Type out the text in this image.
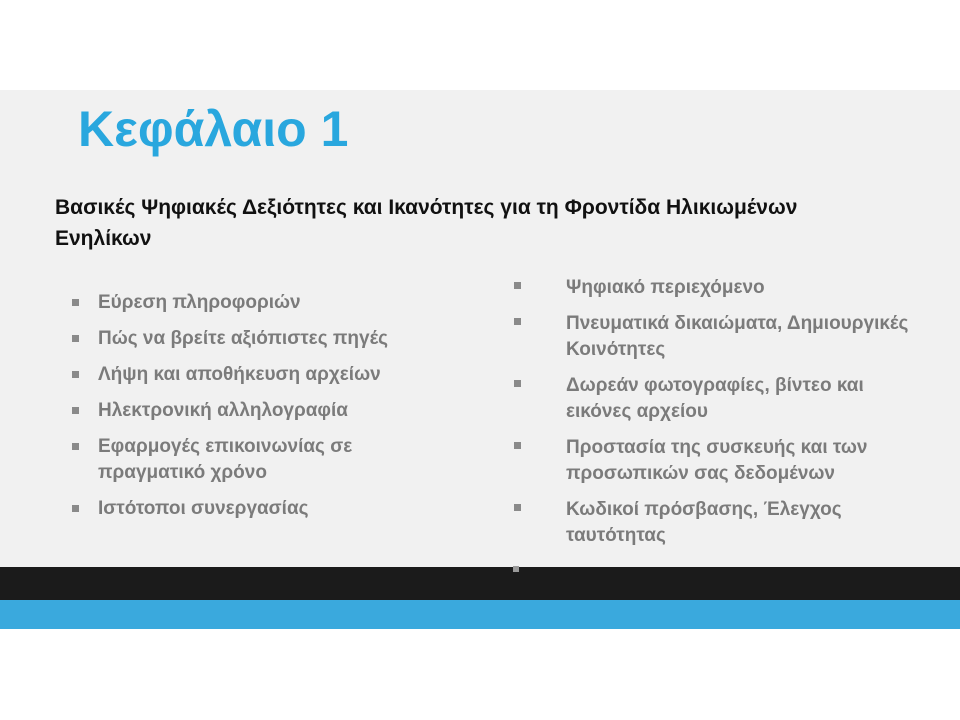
Κεφάλαιο 1

Βασικές Ψηφιακές Δεξιότητες και Ικανότητες για τη Φροντίδα Ηλικιωμένων Ενηλίκων

Εύρεση πληροφοριών
Πώς να βρείτε αξιόπιστες πηγές
Λήψη και αποθήκευση αρχείων
Ηλεκτρονική αλληλογραφία
Εφαρμογές επικοινωνίας σε πραγματικό χρόνο
Ιστότοποι συνεργασίας
Ψηφιακό περιεχόμενο
Πνευματικά δικαιώματα, Δημιουργικές Κοινότητες
Δωρεάν φωτογραφίες, βίντεο και εικόνες αρχείου
Προστασία της συσκευής και των προσωπικών σας δεδομένων
Κωδικοί πρόσβασης, Έλεγχος ταυτότητας
